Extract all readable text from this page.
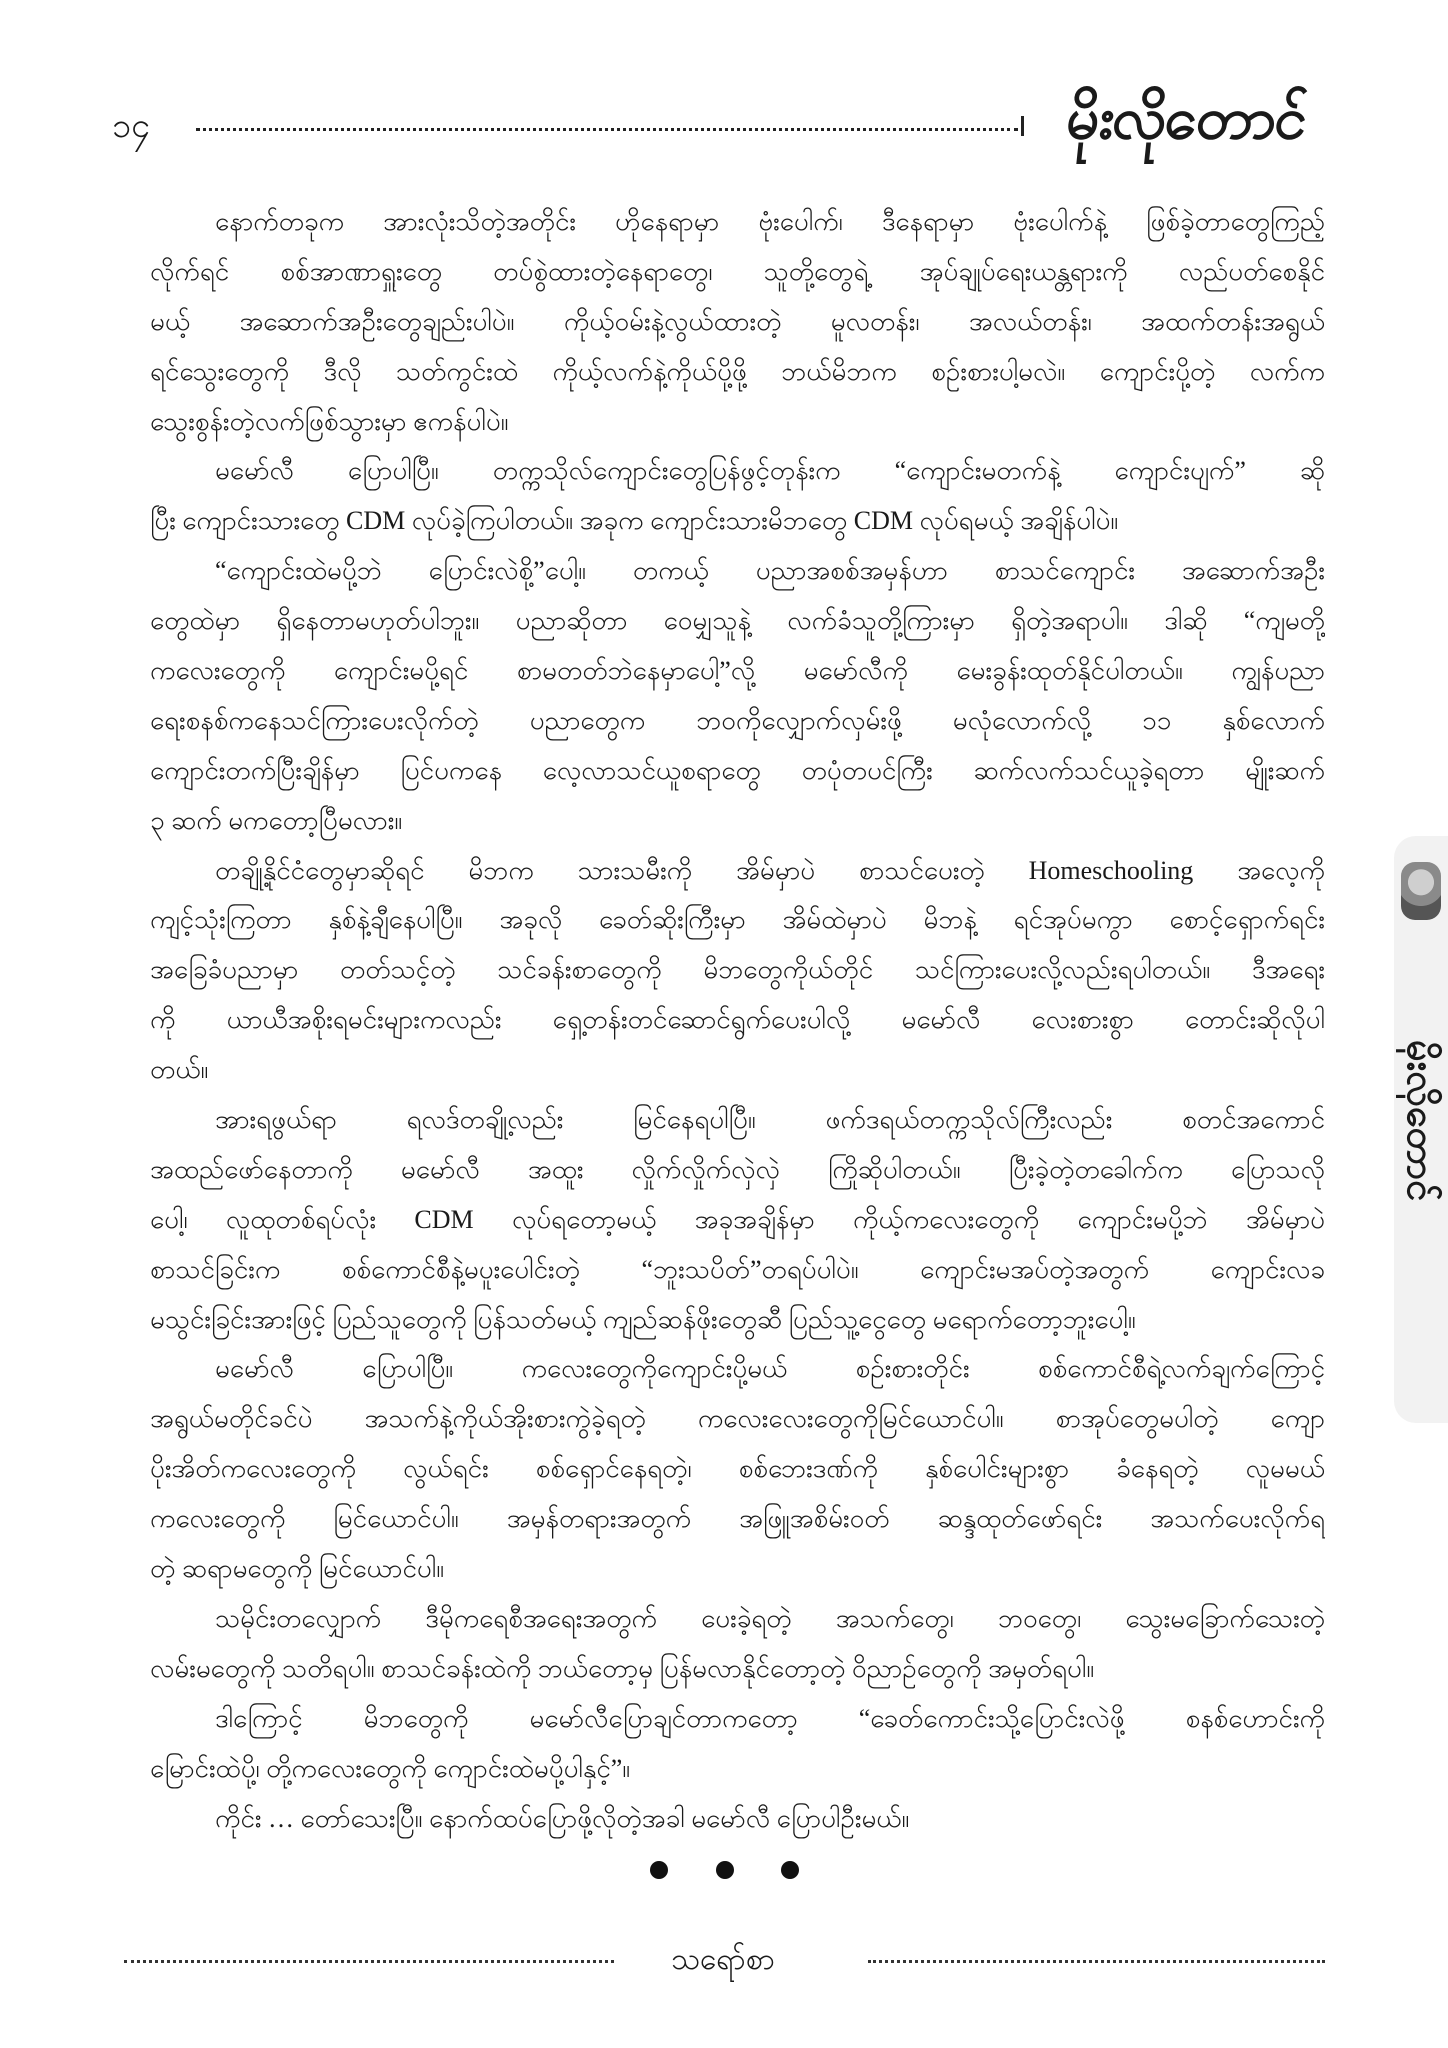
၁၄	မိုးလိုတောင်
နောက်တခုက အားလုံးသိတဲ့အတိုင်း ဟိုနေရာမှာ ဗုံးပေါက်၊ ဒီနေရာမှာ ဗုံးပေါက်နဲ့ ဖြစ်ခဲ့တာတွေကြည့်
လိုက်ရင် စစ်အာဏာရှူးတွေ တပ်စွဲထားတဲ့နေရာတွေ၊ သူတို့တွေရဲ့ အုပ်ချုပ်ရေးယန္တရားကို လည်ပတ်စေနိုင်
မယ့် အဆောက်အဦးတွေချည်းပါပဲ။ ကိုယ့်ဝမ်းနဲ့လွယ်ထားတဲ့ မူလတန်း၊ အလယ်တန်း၊ အထက်တန်းအရွယ်
ရင်သွေးတွေကို ဒီလို သတ်ကွင်းထဲ ကိုယ့်လက်နဲ့ကိုယ်ပို့ဖို့ ဘယ်မိဘက စဉ်းစားပါ့မလဲ။ ကျောင်းပို့တဲ့ လက်က
သွေးစွန်းတဲ့လက်ဖြစ်သွားမှာ ဧကန်ပါပဲ။
မမော်လီ ပြောပါပြီ။ တက္ကသိုလ်ကျောင်းတွေပြန်ဖွင့်တုန်းက “ကျောင်းမတက်နဲ့ ကျောင်းပျက်” ဆို
ပြီး ကျောင်းသားတွေ CDM လုပ်ခဲ့ကြပါတယ်။ အခုက ကျောင်းသားမိဘတွေ CDM လုပ်ရမယ့် အချိန်ပါပဲ။
“ကျောင်းထဲမပို့ဘဲ ပြောင်းလဲစို့”ပေါ့။ တကယ့် ပညာအစစ်အမှန်ဟာ စာသင်ကျောင်း အဆောက်အဦး
တွေထဲမှာ ရှိနေတာမဟုတ်ပါဘူး။ ပညာဆိုတာ ဝေမျှသူနဲ့ လက်ခံသူတို့ကြားမှာ ရှိတဲ့အရာပါ။ ဒါဆို “ကျမတို့
ကလေးတွေကို ကျောင်းမပို့ရင် စာမတတ်ဘဲနေမှာပေါ့”လို့ မမော်လီကို မေးခွန်းထုတ်နိုင်ပါတယ်။ ကျွန်ပညာ
ရေးစနစ်ကနေသင်ကြားပေးလိုက်တဲ့ ပညာတွေက ဘဝကိုလျှောက်လှမ်းဖို့ မလုံလောက်လို့ ၁၁ နှစ်လောက်
ကျောင်းတက်ပြီးချိန်မှာ ပြင်ပကနေ လေ့လာသင်ယူစရာတွေ တပုံတပင်ကြီး ဆက်လက်သင်ယူခဲ့ရတာ မျိုးဆက်
၃ ဆက် မကတော့ပြီမလား။
တချို့နိုင်ငံတွေမှာဆိုရင် မိဘက သားသမီးကို အိမ်မှာပဲ စာသင်ပေးတဲ့ Homeschooling အလေ့ကို
ကျင့်သုံးကြတာ နှစ်နဲ့ချီနေပါပြီ။ အခုလို ခေတ်ဆိုးကြီးမှာ အိမ်ထဲမှာပဲ မိဘနဲ့ ရင်အုပ်မကွာ စောင့်ရှောက်ရင်း
အခြေခံပညာမှာ တတ်သင့်တဲ့ သင်ခန်းစာတွေကို မိဘတွေကိုယ်တိုင် သင်ကြားပေးလို့လည်းရပါတယ်။ ဒီအရေး
ကို ယာယီအစိုးရမင်းများကလည်း ရှေ့တန်းတင်ဆောင်ရွက်ပေးပါလို့ မမော်လီ လေးစားစွာ တောင်းဆိုလိုပါ
တယ်။
အားရဖွယ်ရာ ရလဒ်တချို့လည်း မြင်နေရပါပြီ။ ဖက်ဒရယ်တက္ကသိုလ်ကြီးလည်း စတင်အကောင်
အထည်ဖော်နေတာကို မမော်လီ အထူး လှိုက်လှိုက်လှဲလှဲ ကြိုဆိုပါတယ်။ ပြီးခဲ့တဲ့တခေါက်က ပြောသလို
ပေါ့၊ လူထုတစ်ရပ်လုံး CDM လုပ်ရတော့မယ့် အခုအချိန်မှာ ကိုယ့်ကလေးတွေကို ကျောင်းမပို့ဘဲ အိမ်မှာပဲ
စာသင်ခြင်းက စစ်ကောင်စီနဲ့မပူးပေါင်းတဲ့ “ဘူးသပိတ်”တရပ်ပါပဲ။ ကျောင်းမအပ်တဲ့အတွက် ကျောင်းလခ
မသွင်းခြင်းအားဖြင့် ပြည်သူတွေကို ပြန်သတ်မယ့် ကျည်ဆန်ဖိုးတွေဆီ ပြည်သူ့ငွေတွေ မရောက်တော့ဘူးပေါ့။
မမော်လီ ပြောပါပြီ။ ကလေးတွေကိုကျောင်းပို့မယ် စဉ်းစားတိုင်း စစ်ကောင်စီရဲ့လက်ချက်ကြောင့်
အရွယ်မတိုင်ခင်ပဲ အသက်နဲ့ကိုယ်အိုးစားကွဲခဲ့ရတဲ့ ကလေးလေးတွေကိုမြင်ယောင်ပါ။ စာအုပ်တွေမပါတဲ့ ကျော
ပိုးအိတ်ကလေးတွေကို လွယ်ရင်း စစ်ရှောင်နေရတဲ့၊ စစ်ဘေးဒဏ်ကို နှစ်ပေါင်းများစွာ ခံနေရတဲ့ လူမမယ်
ကလေးတွေကို မြင်ယောင်ပါ။ အမှန်တရားအတွက် အဖြူအစိမ်းဝတ် ဆန္ဒထုတ်ဖော်ရင်း အသက်ပေးလိုက်ရ
တဲ့ ဆရာမတွေကို မြင်ယောင်ပါ။
သမိုင်းတလျှောက် ဒီမိုကရေစီအရေးအတွက် ပေးခဲ့ရတဲ့ အသက်တွေ၊ ဘဝတွေ၊ သွေးမခြောက်သေးတဲ့
လမ်းမတွေကို သတိရပါ။ စာသင်ခန်းထဲကို ဘယ်တော့မှ ပြန်မလာနိုင်တော့တဲ့ ဝိညာဉ်တွေကို အမှတ်ရပါ။
ဒါကြောင့် မိဘတွေကို မမော်လီပြောချင်တာကတော့ “ခေတ်ကောင်းသို့ပြောင်းလဲဖို့ စနစ်ဟောင်းကို
မြောင်းထဲပို့၊ တို့ကလေးတွေကို ကျောင်းထဲမပို့ပါနှင့်”။
ကိုင်း … တော်သေးပြီ။ နောက်ထပ်ပြောဖို့လိုတဲ့အခါ မမော်လီ ပြောပါဦးမယ်။
သရော်စာ
မိုးလိုတောင်
